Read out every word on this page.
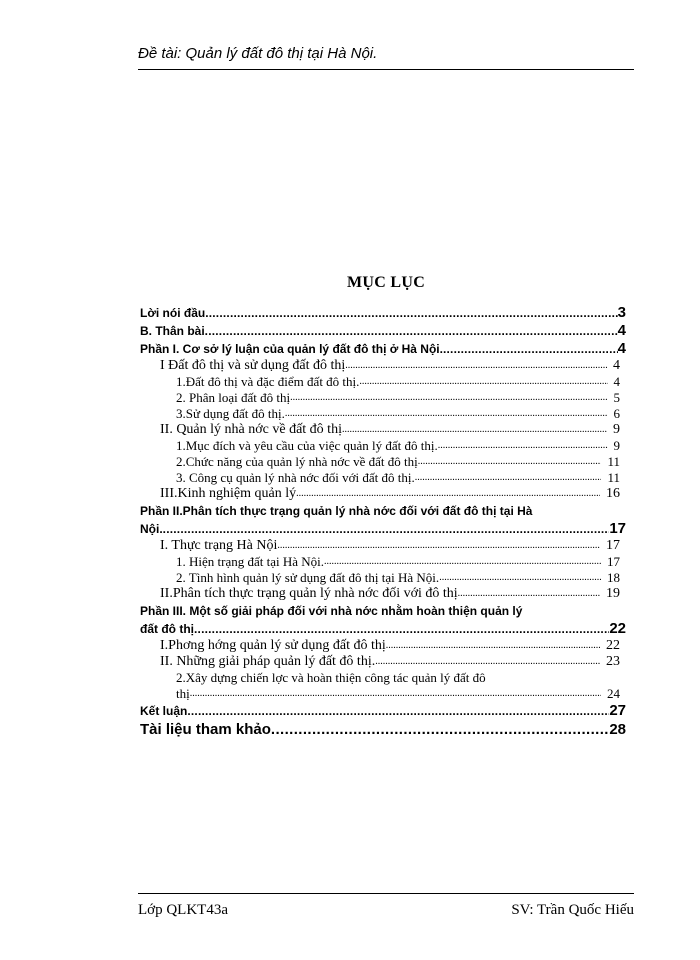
Đề tài: Quản lý đất đô thị tại Hà Nội.
MỤC LỤC
Lời nói đầu .....	3
B. Thân bài .....	4
Phần I. Cơ sở lý luận của quản lý đất đô thị ở Hà Nội. .....	4
I Đất đô thị và sử dụng đất đô thị .....	4
1.Đất đô thị và đặc điểm đất đô thị. .....	4
2. Phân loại đất đô thị .....	5
3.Sử dụng đất đô thị. .....	6
II. Quản lý nhà nớc về đất đô thị .....	9
1.Mục đích và yêu cầu của việc quản lý đất đô thị. .....	9
2.Chức năng của quản lý nhà nớc về đất đô thị .....	11
3. Công cụ quản lý nhà nớc đối với đất đô thị. .....	11
III.Kinh nghiệm quản lý .....	16
Phần II.Phân tích thực trạng quản lý nhà nớc đối với đất đô thị tại Hà
Nội. .....	17
I. Thực trạng Hà Nội .....	17
1. Hiện trạng đất tại Hà Nội. .....	17
2. Tình hình quản lý sử dụng đất đô thị tại Hà Nội. .....	18
II.Phân tích thực trạng quản lý nhà nớc đối với đô thị .....	19
Phần III. Một số giải pháp đối với nhà nớc nhằm hoàn thiện quản lý
đất đô thị .....	22
I.Phơng hớng quản lý sử dụng đất đô thị .....	22
II. Những giải pháp quản lý đất đô thị. .....	23
2.Xây dựng chiến lợc và hoàn thiện công tác quản lý đất đô
thị .....	24
Kết luận .....	27
Tài liệu tham khảo .....	28
Lớp QLKT43a	SV: Trần Quốc Hiếu
